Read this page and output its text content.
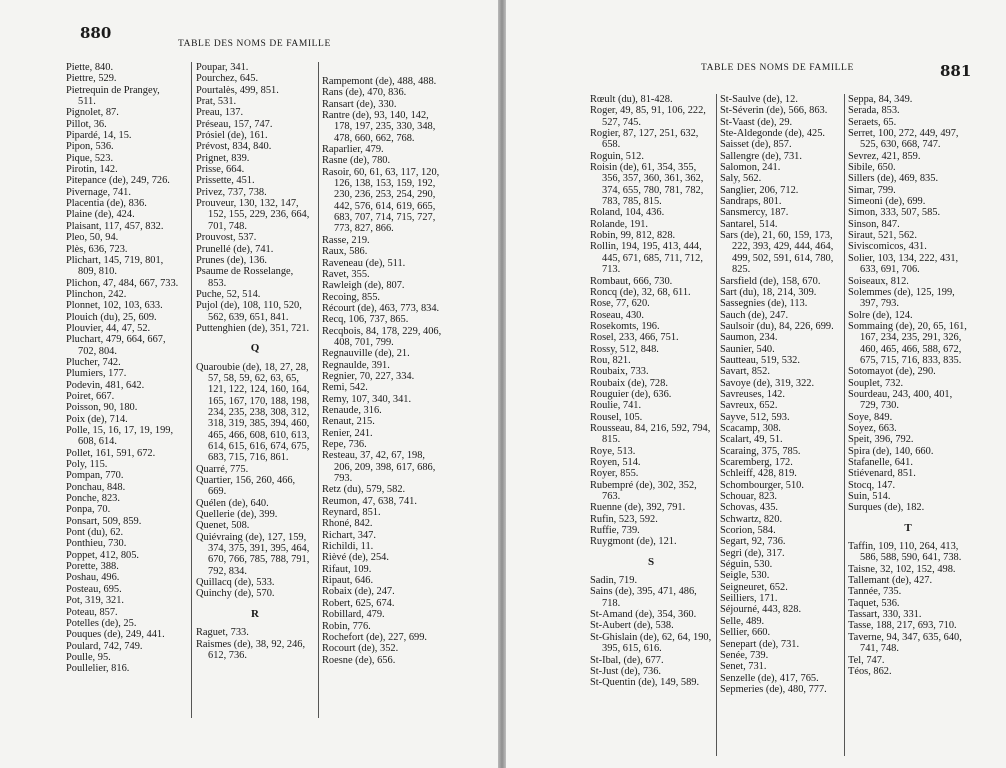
880
TABLE DES NOMS DE FAMILLE
Piette, 840.
Piettre, 529.
Pietrequin de Prangey, 511.
Pignolet, 87.
Pillot, 36.
Pipardé, 14, 15.
Pipon, 536.
Pique, 523.
Pirotin, 142.
Pitepance (de), 249, 726.
Pivernage, 741.
Placentia (de), 836.
Plaine (de), 424.
Plaisant, 117, 457, 832.
Pleo, 50, 94.
Plès, 636, 723.
Plichart, 145, 719, 801, 809, 810.
Plichon, 47, 484, 667, 733.
Plinchon, 242.
Plonnet, 102, 103, 633.
Plouich (du), 25, 609.
Plouvier, 44, 47, 52.
Pluchart, 479, 664, 667, 702, 804.
Plucher, 742.
Plumiers, 177.
Podevin, 481, 642.
Poiret, 667.
Poisson, 90, 180.
Poix (de), 714.
Polle, 15, 16, 17, 19, 199, 608, 614.
Pollet, 161, 591, 672.
Poly, 115.
Pompan, 770.
Ponchau, 848.
Ponche, 823.
Ponpa, 70.
Ponsart, 509, 859.
Pont (du), 62.
Ponthieu, 730.
Poppet, 412, 805.
Porette, 388.
Poshau, 496.
Posteau, 695.
Pot, 319, 321.
Poteau, 857.
Potelles (de), 25.
Pouques (de), 249, 441.
Poulard, 742, 749.
Poulle, 95.
Poullelier, 816.
Poupar, 341.
Pourchez, 645.
Pourtalès, 499, 851.
Prat, 531.
Preau, 137.
Préseau, 157, 747.
Prósiel (de), 161.
Prévost, 834, 840.
Prignet, 839.
Prisse, 664.
Prissette, 451.
Privez, 737, 738.
Prouveur, 130, 132, 147, 152, 155, 229, 236, 664, 701, 748.
Prouvost, 537.
Prunellé (de), 741.
Prunes (de), 136.
Psaume de Rosselange, 853.
Puche, 52, 514.
Pujol (de), 108, 110, 520, 562, 639, 651, 841.
Puttenghien (de), 351, 721.
Q
Quaroubie (de), 18, 27, 28, 57, 58, 59, 62, 63, 65, 121, 122, 124, 160, 164, 165, 167, 170, 188, 198, 234, 235, 238, 308, 312, 318, 319, 385, 394, 460, 465, 466, 608, 610, 613, 614, 615, 616, 674, 675, 683, 715, 716, 861.
Quarré, 775.
Quartier, 156, 260, 466, 669.
Quélen (de), 640.
Quellerie (de), 399.
Quenet, 508.
Quiévraing (de), 127, 159, 374, 375, 391, 395, 464, 670, 766, 785, 788, 791, 792, 834.
Quillacq (de), 533.
Quinchy (de), 570.
R
Raguet, 733.
Raismes (de), 38, 92, 246, 612, 736.
Rampemont (de), 488, 488.
Rans (de), 470, 836.
Ransart (de), 330.
Rantre (de), 93, 140, 142, 178, 197, 235, 330, 348, 478, 660, 662, 768.
Raparlier, 479.
Rasne (de), 780.
Rasoir, 60, 61, 63, 117, 120, 126, 138, 153, 159, 192, 230, 236, 253, 254, 290, 442, 576, 614, 619, 665, 683, 707, 714, 715, 727, 773, 827, 866.
Rasse, 219.
Raux, 586.
Raveneau (de), 511.
Ravet, 355.
Rawleigh (de), 807.
Recoing, 855.
Récourt (de), 463, 773, 834.
Recq, 106, 737, 865.
Recqbois, 84, 178, 229, 406, 408, 701, 799.
Regnauville (de), 21.
Regnaulde, 391.
Regnier, 70, 227, 334.
Remi, 542.
Remy, 107, 340, 341.
Renaude, 316.
Renaut, 215.
Renier, 241.
Repe, 736.
Resteau, 37, 42, 67, 198, 206, 209, 398, 617, 686, 793.
Retz (du), 579, 582.
Reumon, 47, 638, 741.
Reynard, 851.
Rhoné, 842.
Richart, 347.
Richildi, 11.
Rièvé (de), 254.
Rifaut, 109.
Ripaut, 646.
Robaix (de), 247.
Robert, 625, 674.
Robillard, 479.
Robin, 776.
Rochefort (de), 227, 699.
Rocourt (de), 352.
Roesne (de), 656.
TABLE DES NOMS DE FAMILLE	881
Rœult (du), 81-428.
Roger, 49, 85, 91, 106, 222, 527, 745.
Rogier, 87, 127, 251, 632, 658.
Roguin, 512.
Roisin (de), 61, 354, 355, 356, 357, 360, 361, 362, 374, 655, 780, 781, 782, 783, 785, 815.
Roland, 104, 436.
Rolande, 191.
Robin, 99, 812, 828.
Rollin, 194, 195, 413, 444, 445, 671, 685, 711, 712, 713.
Rombaut, 666, 730.
Roncq (de), 32, 68, 611.
Rose, 77, 620.
Roseau, 430.
Rosekomts, 196.
Rosel, 233, 466, 751.
Rossy, 512, 848.
Rou, 821.
Roubaix, 733.
Roubaix (de), 728.
Rouguier (de), 636.
Roulie, 741.
Rousel, 105.
Rousseau, 84, 216, 592, 794, 815.
Roye, 513.
Royen, 514.
Royer, 855.
Rubempré (de), 302, 352, 763.
Ruenne (de), 392, 791.
Rufin, 523, 592.
Ruffie, 739.
Ruygmont (de), 121.
S
Sadin, 719.
Sains (de), 395, 471, 486, 718.
St-Amand (de), 354, 360.
St-Aubert (de), 538.
St-Ghislain (de), 62, 64, 190, 395, 615, 616.
St-Ibal, (de), 677.
St-Just (de), 736.
St-Quentin (de), 149, 589.
St-Saulve (de), 12.
St-Séverin (de), 566, 863.
St-Vaast (de), 29.
Ste-Aldegonde (de), 425.
Saisset (de), 857.
Sallengre (de), 731.
Salomon, 241.
Saly, 562.
Sanglier, 206, 712.
Sandraps, 801.
Sansmercy, 187.
Santarel, 514.
Sars (de), 21, 60, 159, 173, 222, 393, 429, 444, 464, 499, 502, 591, 614, 780, 825.
Sarsfield (de), 158, 670.
Sart (du), 18, 214, 309.
Sassegnies (de), 113.
Sauch (de), 247.
Saulsoir (du), 84, 226, 699.
Saumon, 234.
Saunier, 540.
Sautteau, 519, 532.
Savart, 852.
Savoye (de), 319, 322.
Savreuses, 142.
Savreux, 652.
Sayve, 512, 593.
Scacamp, 308.
Scalart, 49, 51.
Scaraing, 375, 785.
Scaremberg, 172.
Schleiff, 428, 819.
Schombourger, 510.
Schouar, 823.
Schovas, 435.
Schwartz, 820.
Scorion, 584.
Segart, 92, 736.
Segri (de), 317.
Séguin, 530.
Seigle, 530.
Seigneuret, 652.
Seilliers, 171.
Séjourné, 443, 828.
Selle, 489.
Sellier, 660.
Senepart (de), 731.
Senée, 739.
Senet, 731.
Senzelle (de), 417, 765.
Sepmeries (de), 480, 777.
Seppa, 84, 349.
Serada, 853.
Seraets, 65.
Serret, 100, 272, 449, 497, 525, 630, 668, 747.
Sevrez, 421, 859.
Sibile, 650.
Sillers (de), 469, 835.
Simar, 799.
Simeoni (de), 699.
Simon, 333, 507, 585.
Sinson, 847.
Siraut, 521, 562.
Siviscomicos, 431.
Solier, 103, 134, 222, 431, 633, 691, 706.
Soiseaux, 812.
Solemmes (de), 125, 199, 397, 793.
Solre (de), 124.
Sommaing (de), 20, 65, 161, 167, 234, 235, 291, 326, 460, 465, 466, 588, 672, 675, 715, 716, 833, 835.
Sotomayot (de), 290.
Souplet, 732.
Sourdeau, 243, 400, 401, 729, 730.
Soye, 849.
Soyez, 663.
Speit, 396, 792.
Spira (de), 140, 660.
Stafanelle, 641.
Stiévenard, 851.
Stocq, 147.
Suin, 514.
Surques (de), 182.
T
Taffin, 109, 110, 264, 413, 586, 588, 590, 641, 738.
Taisne, 32, 102, 152, 498.
Tallemant (de), 427.
Tannée, 735.
Taquet, 536.
Tassart, 330, 331.
Tasse, 188, 217, 693, 710.
Taverne, 94, 347, 635, 640, 741, 748.
Tel, 747.
Téos, 862.
